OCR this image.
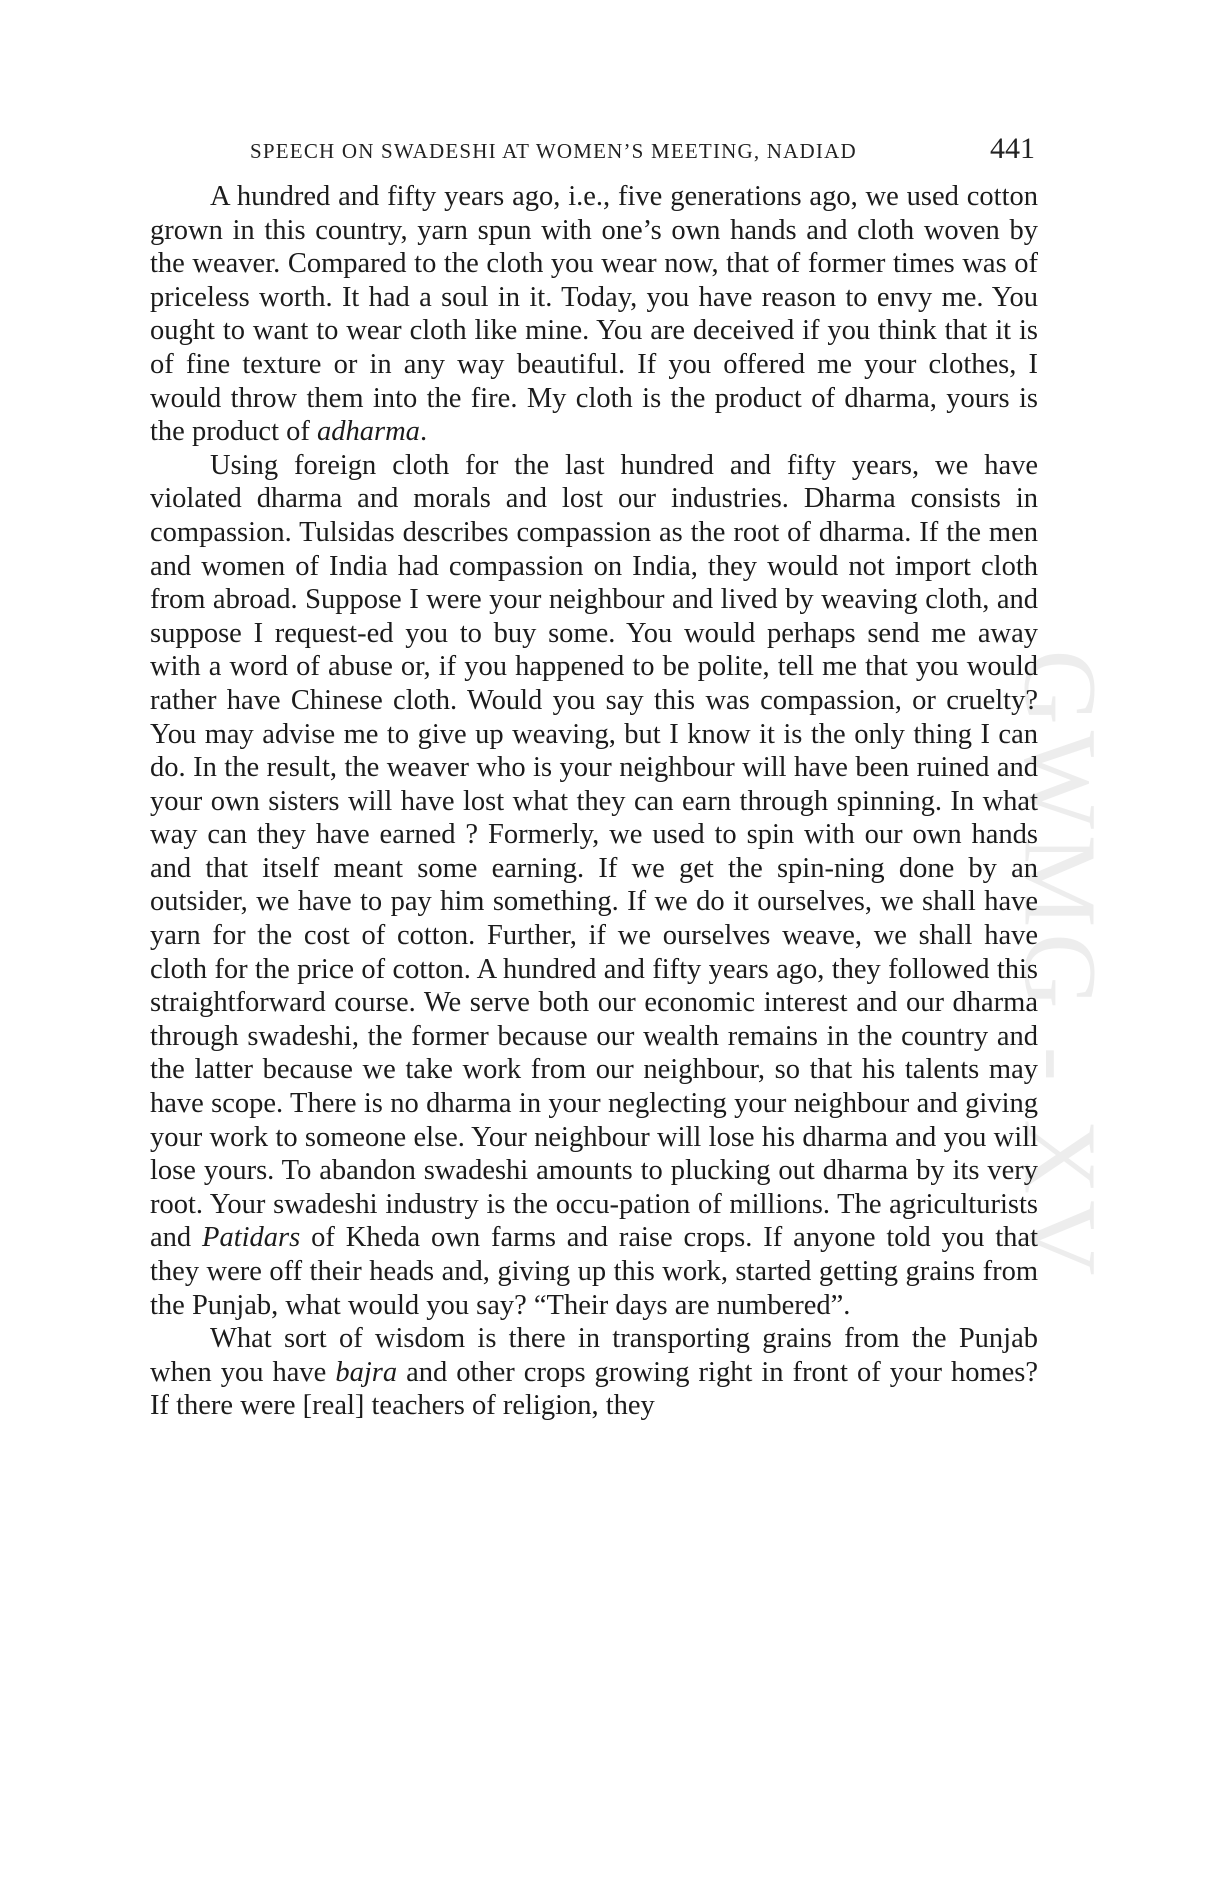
GWMG - XV
SPEECH ON SWADESHI AT WOMEN’S MEETING, NADIAD	441

A hundred and fifty years ago, i.e., five generations ago, we used cotton grown in this country, yarn spun with one’s own hands and cloth woven by the weaver. Compared to the cloth you wear now, that of former times was of priceless worth. It had a soul in it. Today, you have reason to envy me. You ought to want to wear cloth like mine. You are deceived if you think that it is of fine texture or in any way beautiful. If you offered me your clothes, I would throw them into the fire. My cloth is the product of dharma, yours is the product of adharma.

Using foreign cloth for the last hundred and fifty years, we have violated dharma and morals and lost our industries. Dharma consists in compassion. Tulsidas describes compassion as the root of dharma. If the men and women of India had compassion on India, they would not import cloth from abroad. Suppose I were your neighbour and lived by weaving cloth, and suppose I request-ed you to buy some. You would perhaps send me away with a word of abuse or, if you happened to be polite, tell me that you would rather have Chinese cloth. Would you say this was compassion, or cruelty? You may advise me to give up weaving, but I know it is the only thing I can do. In the result, the weaver who is your neighbour will have been ruined and your own sisters will have lost what they can earn through spinning. In what way can they have earned ? Formerly, we used to spin with our own hands and that itself meant some earning. If we get the spin-ning done by an outsider, we have to pay him something. If we do it ourselves, we shall have yarn for the cost of cotton. Further, if we ourselves weave, we shall have cloth for the price of cotton. A hundred and fifty years ago, they followed this straightforward course. We serve both our economic interest and our dharma through swadeshi, the former because our wealth remains in the country and the latter because we take work from our neighbour, so that his talents may have scope. There is no dharma in your neglecting your neighbour and giving your work to someone else. Your neighbour will lose his dharma and you will lose yours. To abandon swadeshi amounts to plucking out dharma by its very root. Your swadeshi industry is the occu-pation of millions. The agriculturists and Patidars of Kheda own farms and raise crops. If anyone told you that they were off their heads and, giving up this work, started getting grains from the Punjab, what would you say? “Their days are numbered”.

What sort of wisdom is there in transporting grains from the Punjab when you have bajra and other crops growing right in front of your homes? If there were [real] teachers of religion, they
